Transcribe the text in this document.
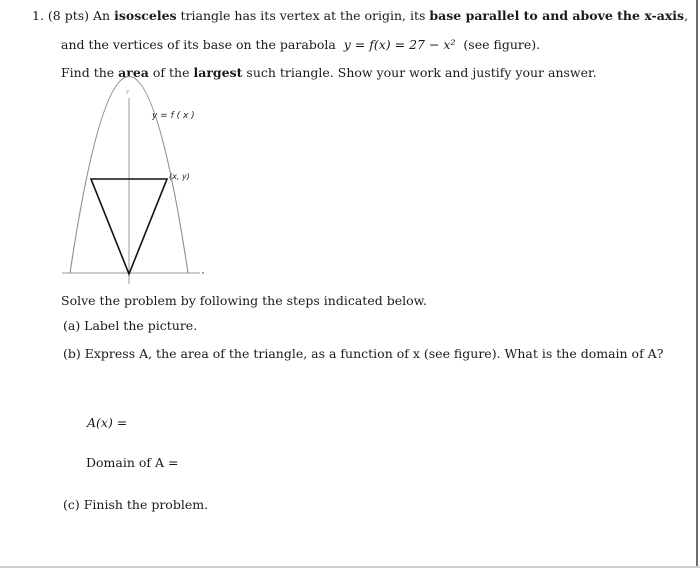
1. (8 pts) An isosceles triangle has its vertex at the origin, its base parallel to and above the x-axis,
and the vertices of its base on the parabola y = f(x) = 27 − x² (see figure).
Find the area of the largest such triangle. Show your work and justify your answer.
y
y = f ( x )
(x, y)
Solve the problem by following the steps indicated below.
(a) Label the picture.
(b) Express A, the area of the triangle, as a function of x (see figure). What is the domain of A?
A(x) =
Domain of A =
(c) Finish the problem.
